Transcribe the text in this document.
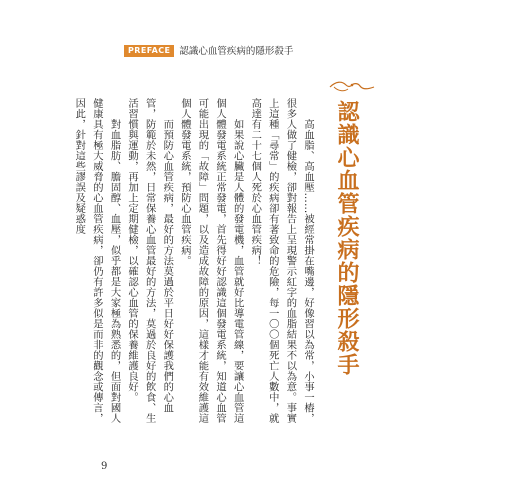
PREFACE 認識心血管疾病的隱形殺手
認識心血管疾病的隱形殺手

高血脂、高血壓……被經常掛在嘴邊，好像習以為常，小事一樁，很多人做了健檢，卻對報告上呈現警示紅字的血脂結果不以為意。事實上這種「尋常」的疾病卻有著致命的危險，每一〇〇個死亡人數中，就高達有二十七個人死於心血管疾病！

如果說心臟是人體的發電機，血管就好比導電管線，要讓心血管這個人體發電系統正常發電，首先得好好認識這個發電系統，知道心血管可能出現的「故障」問題，以及造成故障的原因，這樣才能有效維護這個人體發電系統，預防心血管疾病。

而預防心血管疾病，最好的方法莫過於平日好好保護我們的心血管，防範於未然，日常保養心血管最好的方法，莫過於良好的飲食、生活習慣與運動，再加上定期健檢，以確認心血管的保養維護良好。

對血脂肪、膽固醇、血壓，似乎都是大家極為熟悉的，但面對國人健康具有極大威脅的心血管疾病，卻仍有許多似是而非的觀念或傳言，因此，針對這些謬誤及疑惑度

9
